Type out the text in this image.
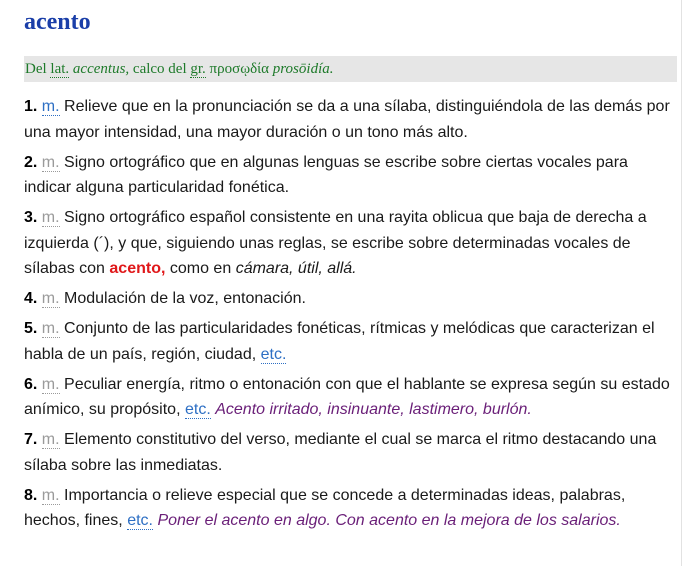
acento
Del lat. accentus, calco del gr. προσῳδία prosōidía.
1. m. Relieve que en la pronunciación se da a una sílaba, distinguiéndola de las demás por una mayor intensidad, una mayor duración o un tono más alto.
2. m. Signo ortográfico que en algunas lenguas se escribe sobre ciertas vocales para indicar alguna particularidad fonética.
3. m. Signo ortográfico español consistente en una rayita oblicua que baja de derecha a izquierda (´), y que, siguiendo unas reglas, se escribe sobre determinadas vocales de sílabas con acento, como en cámara, útil, allá.
4. m. Modulación de la voz, entonación.
5. m. Conjunto de las particularidades fonéticas, rítmicas y melódicas que caracterizan el habla de un país, región, ciudad, etc.
6. m. Peculiar energía, ritmo o entonación con que el hablante se expresa según su estado anímico, su propósito, etc. Acento irritado, insinuante, lastimero, burlón.
7. m. Elemento constitutivo del verso, mediante el cual se marca el ritmo destacando una sílaba sobre las inmediatas.
8. m. Importancia o relieve especial que se concede a determinadas ideas, palabras, hechos, fines, etc. Poner el acento en algo. Con acento en la mejora de los salarios.
